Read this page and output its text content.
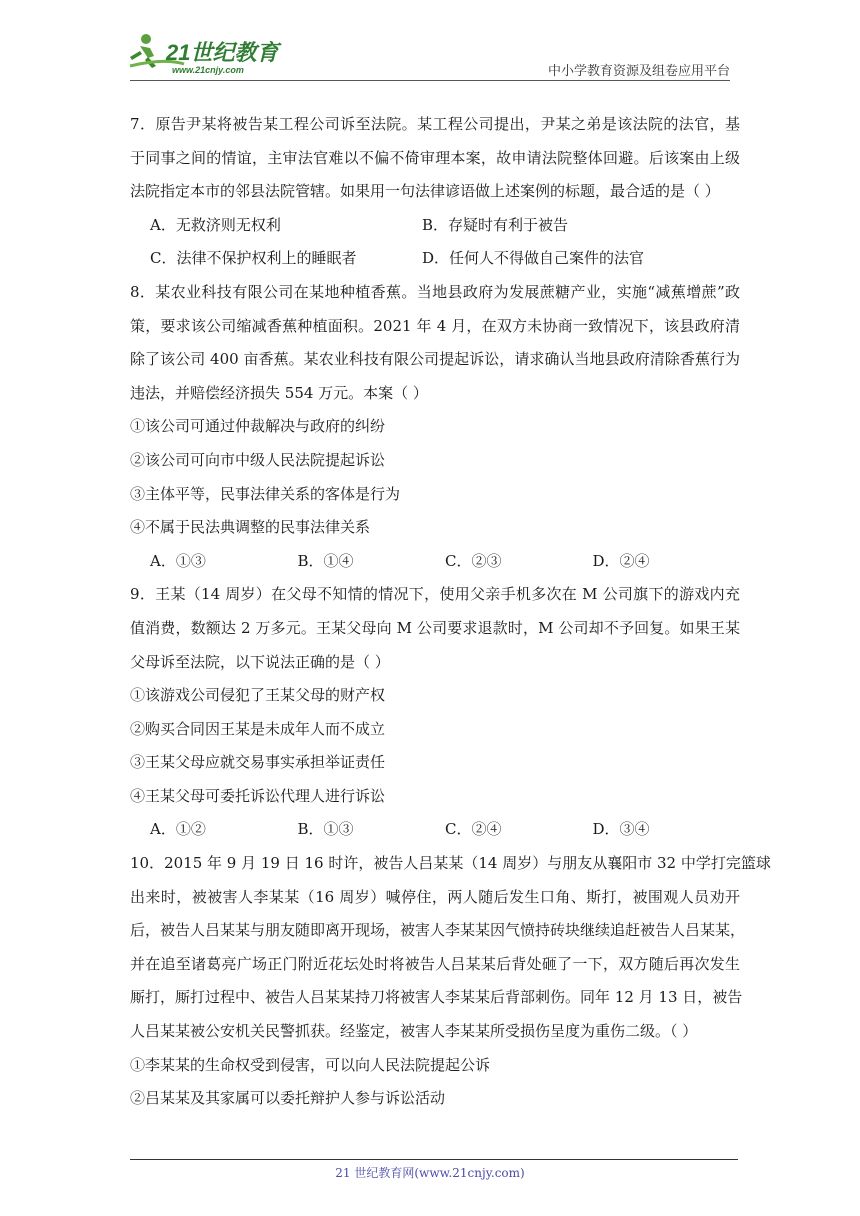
21世纪教育
www.21cnjy.com	中小学教育资源及组卷应用平台
7．原告尹某将被告某工程公司诉至法院。某工程公司提出，尹某之弟是该法院的法官，基
于同事之间的情谊，主审法官难以不偏不倚审理本案，故申请法院整体回避。后该案由上级
法院指定本市的邻县法院管辖。如果用一句法律谚语做上述案例的标题，最合适的是（ ）
A．无救济则无权利	B．存疑时有利于被告
C．法律不保护权利上的睡眠者	D．任何人不得做自己案件的法官
8．某农业科技有限公司在某地种植香蕉。当地县政府为发展蔗糖产业，实施“减蕉增蔗”政
策，要求该公司缩减香蕉种植面积。2021 年 4 月，在双方未协商一致情况下，该县政府清
除了该公司 400 亩香蕉。某农业科技有限公司提起诉讼，请求确认当地县政府清除香蕉行为
违法，并赔偿经济损失 554 万元。本案（ ）
①该公司可通过仲裁解决与政府的纠纷
②该公司可向市中级人民法院提起诉讼
③主体平等，民事法律关系的客体是行为
④不属于民法典调整的民事法律关系
A．①③	B．①④	C．②③	D．②④
9．王某（14 周岁）在父母不知情的情况下，使用父亲手机多次在 M 公司旗下的游戏内充
值消费，数额达 2 万多元。王某父母向 M 公司要求退款时，M 公司却不予回复。如果王某
父母诉至法院，以下说法正确的是（ ）
①该游戏公司侵犯了王某父母的财产权
②购买合同因王某是未成年人而不成立
③王某父母应就交易事实承担举证责任
④王某父母可委托诉讼代理人进行诉讼
A．①②	B．①③	C．②④	D．③④
10．2015 年 9 月 19 日 16 时许，被告人吕某某（14 周岁）与朋友从襄阳市 32 中学打完篮球
出来时，被被害人李某某（16 周岁）喊停住，两人随后发生口角、斯打，被围观人员劝开
后，被告人吕某某与朋友随即离开现场，被害人李某某因气愤持砖块继续追赶被告人吕某某，
并在追至诸葛亮广场正门附近花坛处时将被告人吕某某后背处砸了一下，双方随后再次发生
厮打，厮打过程中、被告人吕某某持刀将被害人李某某后背部刺伤。同年 12 月 13 日，被告
人吕某某被公安机关民警抓获。经鉴定，被害人李某某所受损伤呈度为重伤二级。（ ）
①李某某的生命权受到侵害，可以向人民法院提起公诉
②吕某某及其家属可以委托辩护人参与诉讼活动
21 世纪教育网(www.21cnjy.com)
